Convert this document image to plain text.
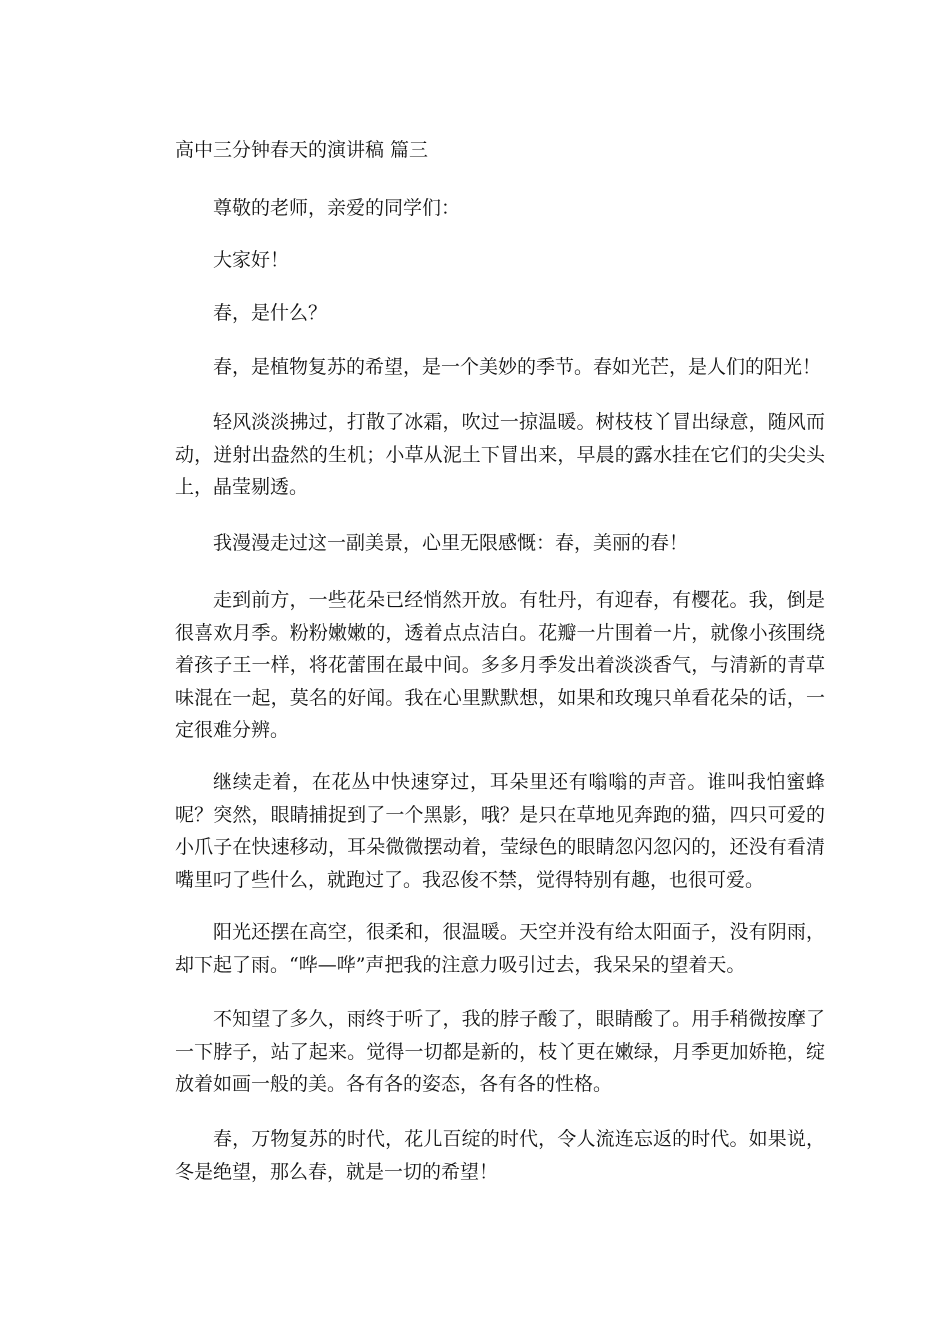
高中三分钟春天的演讲稿 篇三

尊敬的老师，亲爱的同学们：

大家好！

春，是什么？

春，是植物复苏的希望，是一个美妙的季节。春如光芒，是人们的阳光！

轻风淡淡拂过，打散了冰霜，吹过一掠温暖。树枝枝丫冒出绿意，随风而动，迸射出盎然的生机；小草从泥土下冒出来，早晨的露水挂在它们的尖尖头上，晶莹剔透。

我漫漫走过这一副美景，心里无限感慨：春，美丽的春！

走到前方，一些花朵已经悄然开放。有牡丹，有迎春，有樱花。我，倒是很喜欢月季。粉粉嫩嫩的，透着点点洁白。花瓣一片围着一片，就像小孩围绕着孩子王一样，将花蕾围在最中间。多多月季发出着淡淡香气，与清新的青草味混在一起，莫名的好闻。我在心里默默想，如果和玫瑰只单看花朵的话，一定很难分辨。

继续走着，在花丛中快速穿过，耳朵里还有嗡嗡的声音。谁叫我怕蜜蜂呢？突然，眼睛捕捉到了一个黑影，哦？是只在草地见奔跑的猫，四只可爱的小爪子在快速移动，耳朵微微摆动着，莹绿色的眼睛忽闪忽闪的，还没有看清嘴里叼了些什么，就跑过了。我忍俊不禁，觉得特别有趣，也很可爱。

阳光还摆在高空，很柔和，很温暖。天空并没有给太阳面子，没有阴雨，却下起了雨。“哗—哗”声把我的注意力吸引过去，我呆呆的望着天。

不知望了多久，雨终于听了，我的脖子酸了，眼睛酸了。用手稍微按摩了一下脖子，站了起来。觉得一切都是新的，枝丫更在嫩绿，月季更加娇艳，绽放着如画一般的美。各有各的姿态，各有各的性格。

春，万物复苏的时代，花儿百绽的时代，令人流连忘返的时代。如果说，冬是绝望，那么春，就是一切的希望！
